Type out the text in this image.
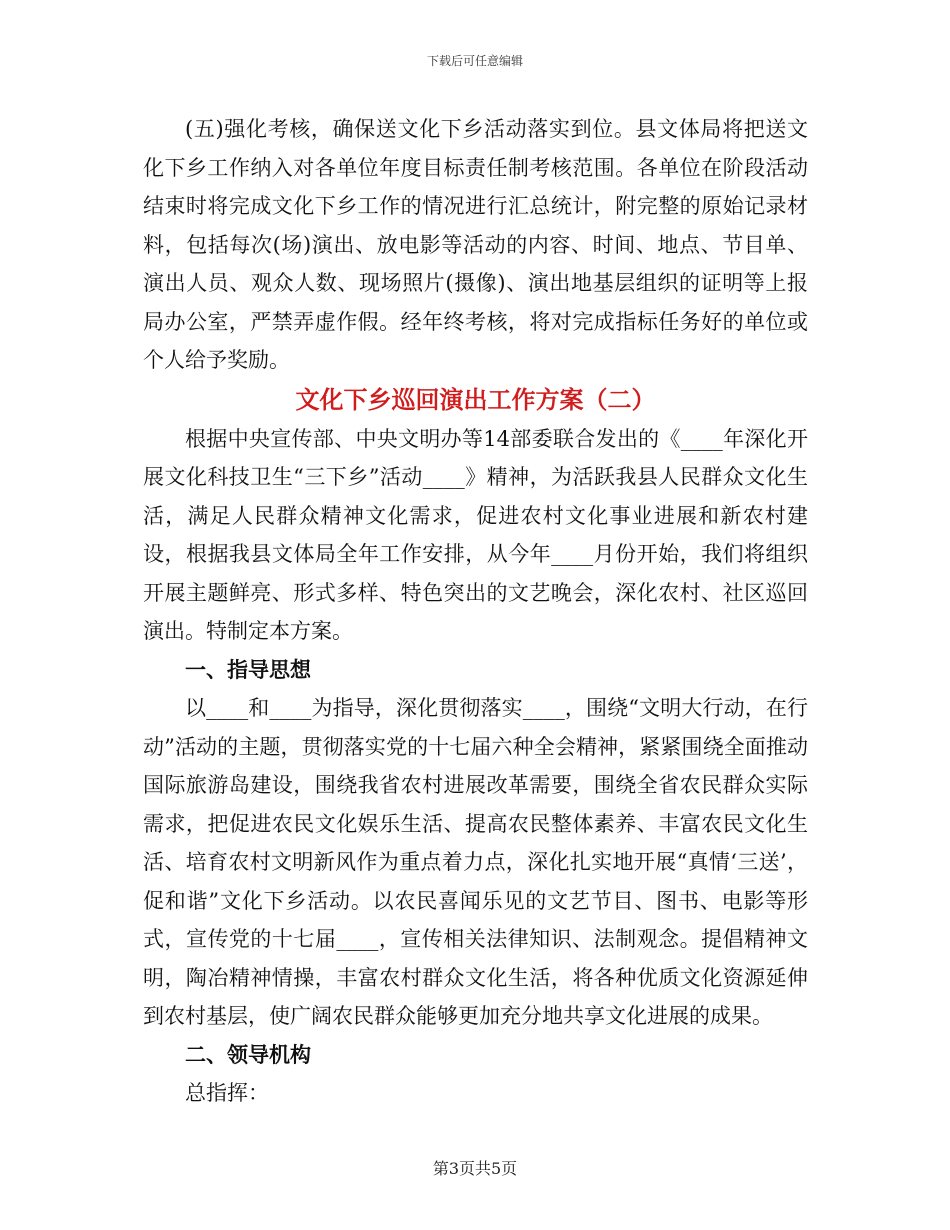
下载后可任意编辑

(五)强化考核，确保送文化下乡活动落实到位。县文体局将把送文化下乡工作纳入对各单位年度目标责任制考核范围。各单位在阶段活动结束时将完成文化下乡工作的情况进行汇总统计，附完整的原始记录材料，包括每次(场)演出、放电影等活动的内容、时间、地点、节目单、演出人员、观众人数、现场照片(摄像)、演出地基层组织的证明等上报局办公室，严禁弄虚作假。经年终考核，将对完成指标任务好的单位或个人给予奖励。

文化下乡巡回演出工作方案（二）

根据中央宣传部、中央文明办等14部委联合发出的《____年深化开展文化科技卫生“三下乡”活动____》精神，为活跃我县人民群众文化生活，满足人民群众精神文化需求，促进农村文化事业进展和新农村建设，根据我县文体局全年工作安排，从今年____月份开始，我们将组织开展主题鲜亮、形式多样、特色突出的文艺晚会，深化农村、社区巡回演出。特制定本方案。

一、指导思想

以____和____为指导，深化贯彻落实____，围绕“文明大行动，在行动”活动的主题，贯彻落实党的十七届六种全会精神，紧紧围绕全面推动国际旅游岛建设，围绕我省农村进展改革需要，围绕全省农民群众实际需求，把促进农民文化娱乐生活、提高农民整体素养、丰富农民文化生活、培育农村文明新风作为重点着力点，深化扎实地开展“真情‘三送’，促和谐”文化下乡活动。以农民喜闻乐见的文艺节目、图书、电影等形式，宣传党的十七届____，宣传相关法律知识、法制观念。提倡精神文明，陶冶精神情操，丰富农村群众文化生活，将各种优质文化资源延伸到农村基层，使广阔农民群众能够更加充分地共享文化进展的成果。

二、领导机构

总指挥：

第3页共5页
